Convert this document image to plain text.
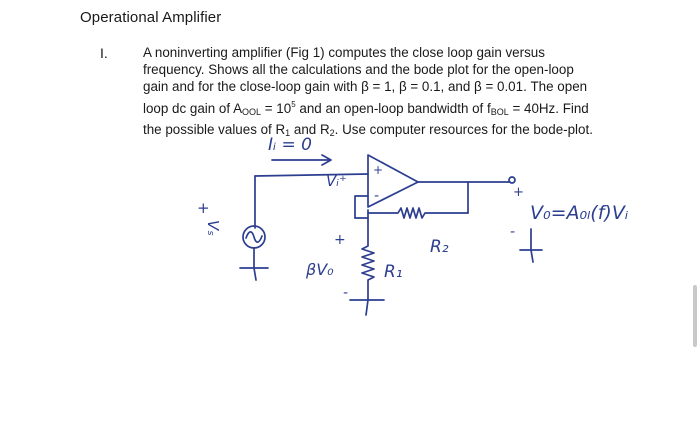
Operational Amplifier
I.	A noninverting amplifier (Fig 1) computes the close loop gain versus
frequency. Shows all the calculations and the bode plot for the open-loop
gain and for the close-loop gain with β = 1, β = 0.1, and β = 0.01. The open
loop dc gain of $A_{OOL} = 10^5$ and an open-loop bandwidth of $f_{BOL} = 40Hz$. Find
the possible values of $R_1$ and $R_2$. Use computer resources for the bode-plot.
Iᵢ = 0
Vᵢ⁺
+
-
Vₛ
+
R₂
R₁
+
βV₀
-
+
V₀=A₀ₗ(f)Vᵢ
-
